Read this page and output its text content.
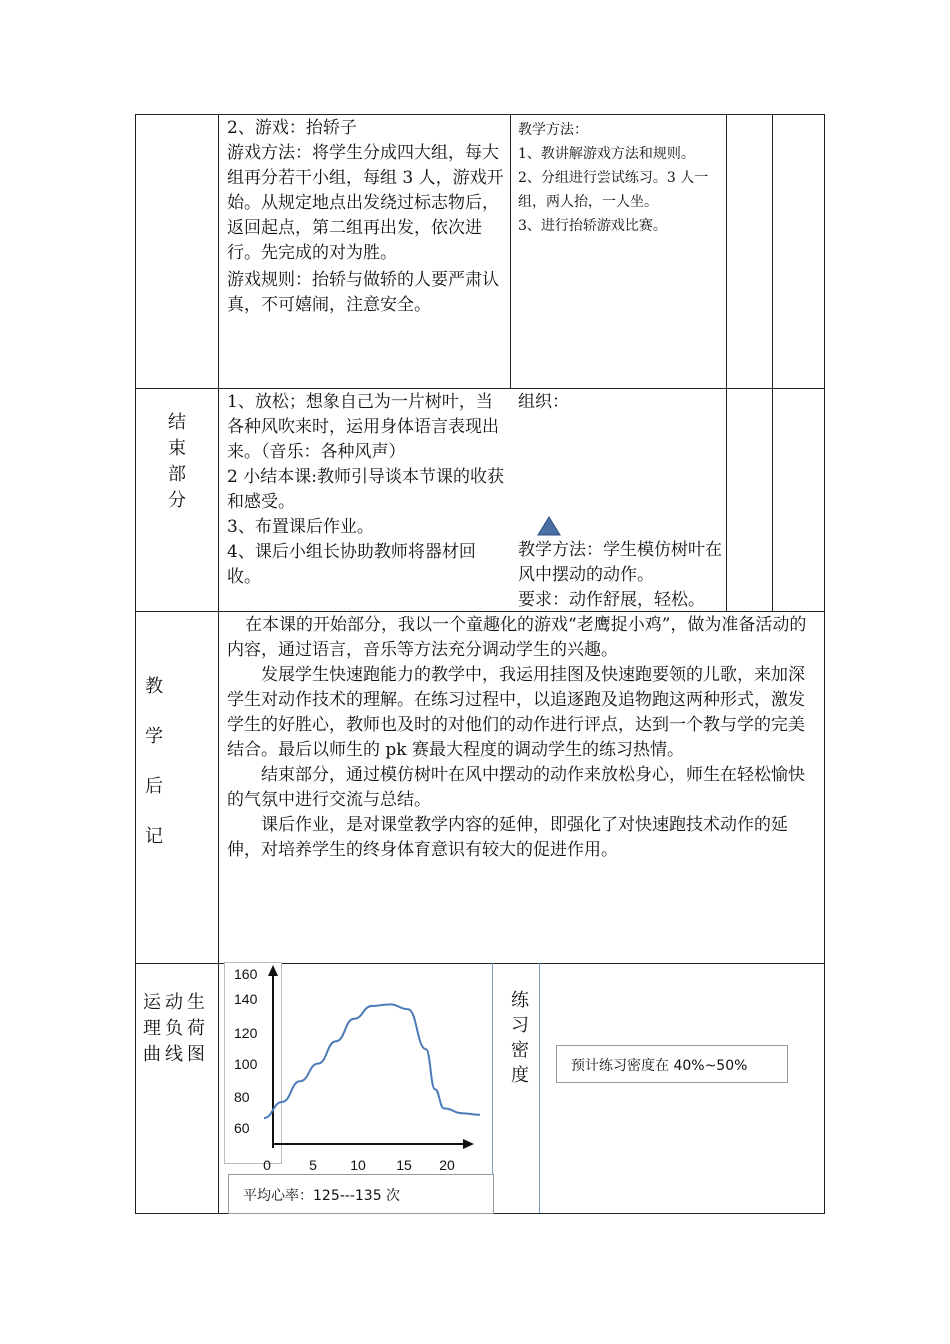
2、游戏：抬轿子

游戏方法：将学生分成四大组，每大组再分若干小组，每组 3 人，游戏开始。从规定地点出发绕过标志物后，返回起点，第二组再出发，依次进行。先完成的对为胜。

游戏规则：抬轿与做轿的人要严肃认真，不可嬉闹，注意安全。

教学方法：

1、教讲解游戏方法和规则。

2、分组进行尝试练习。3 人一组，两人抬，一人坐。

3、进行抬轿游戏比赛。

结
束
部
分

1、放松；想象自己为一片树叶，当各种风吹来时，运用身体语言表现出来。（音乐：各种风声）

2 小结本课:教师引导谈本节课的收获和感受。

3、布置课后作业。

4、课后小组长协助教师将器材回收。

组织：

教学方法：学生模仿树叶在风中摆动的动作。

要求：动作舒展，轻松。

教
学
后
记

在本课的开始部分，我以一个童趣化的游戏“老鹰捉小鸡”，做为准备活动的内容，通过语言，音乐等方法充分调动学生的兴趣。

发展学生快速跑能力的教学中，我运用挂图及快速跑要领的儿歌，来加深学生对动作技术的理解。在练习过程中，以追逐跑及追物跑这两种形式，激发学生的好胜心，教师也及时的对他们的动作进行评点，达到一个教与学的完美结合。最后以师生的 pk 赛最大程度的调动学生的练习热情。

结束部分，通过模仿树叶在风中摆动的动作来放松身心，师生在轻松愉快的气氛中进行交流与总结。

课后作业，是对课堂教学内容的延伸，即强化了对快速跑技术动作的延伸，对培养学生的终身体育意识有较大的促进作用。

运动生理负荷曲线图
平均心率：125---135 次
160
140
120
100
80
60
0	5 10 15 20
练
习
密
度	预计练习密度在 40%~50%
